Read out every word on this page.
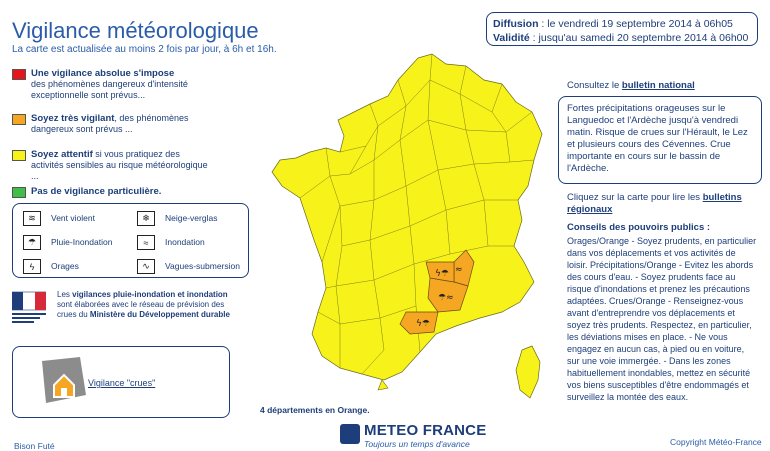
Vigilance météorologique
La carte est actualisée au moins 2 fois par jour, à 6h et 16h.
Diffusion : le vendredi 19 septembre 2014 à 06h05
Validité : jusqu'au samedi 20 septembre 2014 à 06h00
Une vigilance absolue s'impose
des phénomènes dangereux d'intensité exceptionnelle sont prévus...
Soyez très vigilant, des phénomènes dangereux sont prévus ...
Soyez attentif si vous pratiquez des activités sensibles au risque météorologique ...
Pas de vigilance particulière.
≋	Vent violent	❄	Neige-verglas
☂	Pluie-Inondation	≈	Inondation
ϟ	Orages	∿	Vagues-submersion
Les vigilances pluie-inondation et inondation sont élaborées avec le réseau de prévision des crues du Ministère du Développement durable
Vigilance "crues"
Bison Futé
ϟ☂ ≈
☂≈
ϟ☂
4 départements en Orange.
METEO FRANCE
Toujours un temps d'avance
Consultez le bulletin national
Fortes précipitations orageuses sur le Languedoc et l'Ardèche jusqu'à vendredi matin. Risque de crues sur l'Hérault, le Lez et plusieurs cours des Cévennes. Crue importante en cours sur le bassin de l'Ardèche.
Cliquez sur la carte pour lire les bulletins régionaux
Conseils des pouvoirs publics :
Orages/Orange - Soyez prudents, en particulier dans vos déplacements et vos activités de loisir. Précipitations/Orange - Evitez les abords des cours d'eau. - Soyez prudents face au risque d'inondations et prenez les précautions adaptées. Crues/Orange - Renseignez-vous avant d'entreprendre vos déplacements et soyez très prudents. Respectez, en particulier, les déviations mises en place. - Ne vous engagez en aucun cas, à pied ou en voiture, sur une voie immergée. - Dans les zones habituellement inondables, mettez en sécurité vos biens susceptibles d'être endommagés et surveillez la montée des eaux.
Copyright Météo-France
